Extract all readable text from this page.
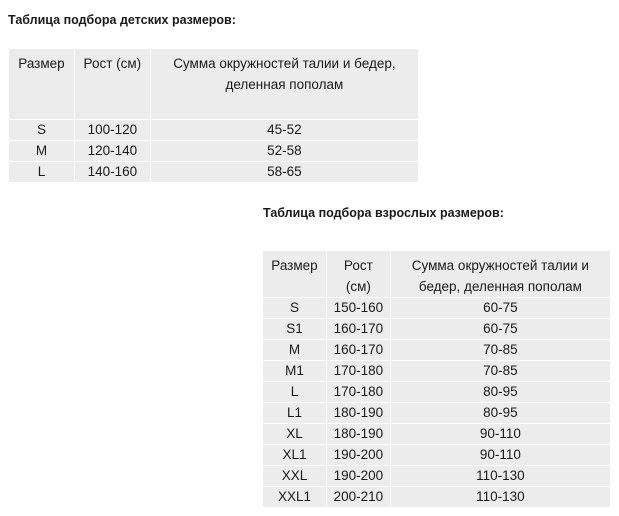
Таблица подбора детских размеров:
Размер	Рост (см)	Сумма окружностей талии и бедер, деленная пополам
S	100-120	45-52
M	120-140	52-58
L	140-160	58-65
Таблица подбора взрослых размеров:
Размер	Рост (см)	Сумма окружностей талии и бедер, деленная пополам
S	150-160	60-75
S1	160-170	60-75
M	160-170	70-85
M1	170-180	70-85
L	170-180	80-95
L1	180-190	80-95
XL	180-190	90-110
XL1	190-200	90-110
XXL	190-200	110-130
XXL1	200-210	110-130
